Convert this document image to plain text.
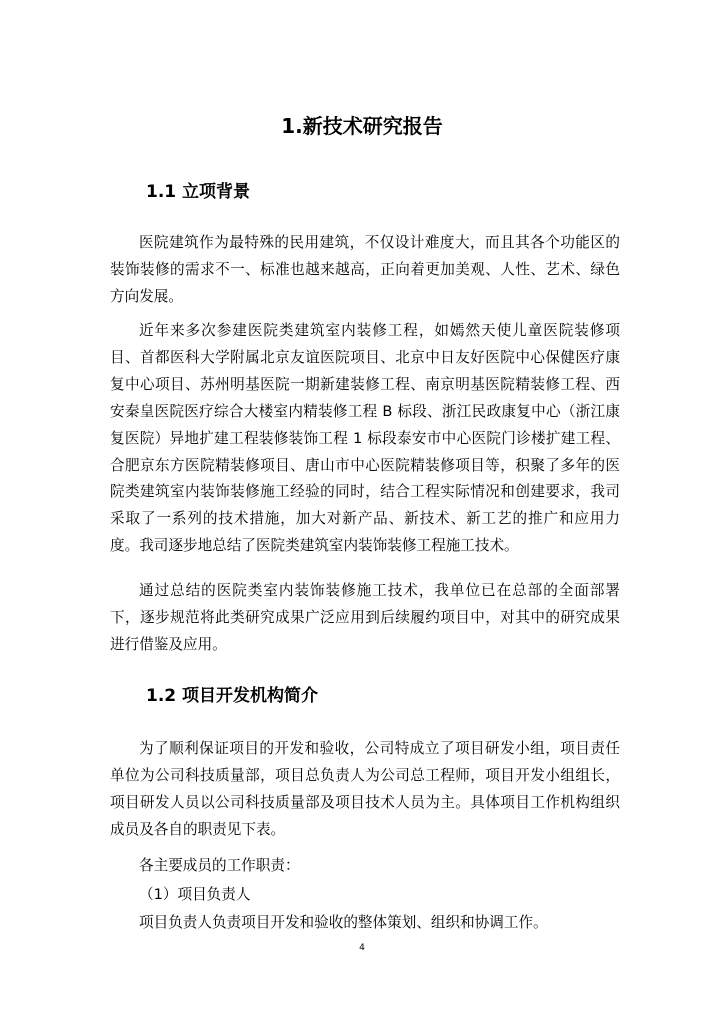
1.新技术研究报告
1.1 立项背景

医院建筑作为最特殊的民用建筑，不仅设计难度大，而且其各个功能区的装饰装修的需求不一、标准也越来越高，正向着更加美观、人性、艺术、绿色方向发展。

近年来多次参建医院类建筑室内装修工程，如嫣然天使儿童医院装修项目、首都医科大学附属北京友谊医院项目、北京中日友好医院中心保健医疗康复中心项目、苏州明基医院一期新建装修工程、南京明基医院精装修工程、西安秦皇医院医疗综合大楼室内精装修工程 B 标段、浙江民政康复中心（浙江康复医院）异地扩建工程装修装饰工程 1 标段泰安市中心医院门诊楼扩建工程、合肥京东方医院精装修项目、唐山市中心医院精装修项目等，积聚了多年的医院类建筑室内装饰装修施工经验的同时，结合工程实际情况和创建要求，我司采取了一系列的技术措施，加大对新产品、新技术、新工艺的推广和应用力度。我司逐步地总结了医院类建筑室内装饰装修工程施工技术。

通过总结的医院类室内装饰装修施工技术，我单位已在总部的全面部署下，逐步规范将此类研究成果广泛应用到后续履约项目中，对其中的研究成果进行借鉴及应用。

1.2 项目开发机构简介

为了顺利保证项目的开发和验收，公司特成立了项目研发小组，项目责任单位为公司科技质量部，项目总负责人为公司总工程师，项目开发小组组长，项目研发人员以公司科技质量部及项目技术人员为主。具体项目工作机构组织成员及各自的职责见下表。

各主要成员的工作职责：

（1）项目负责人

项目负责人负责项目开发和验收的整体策划、组织和协调工作。

4
